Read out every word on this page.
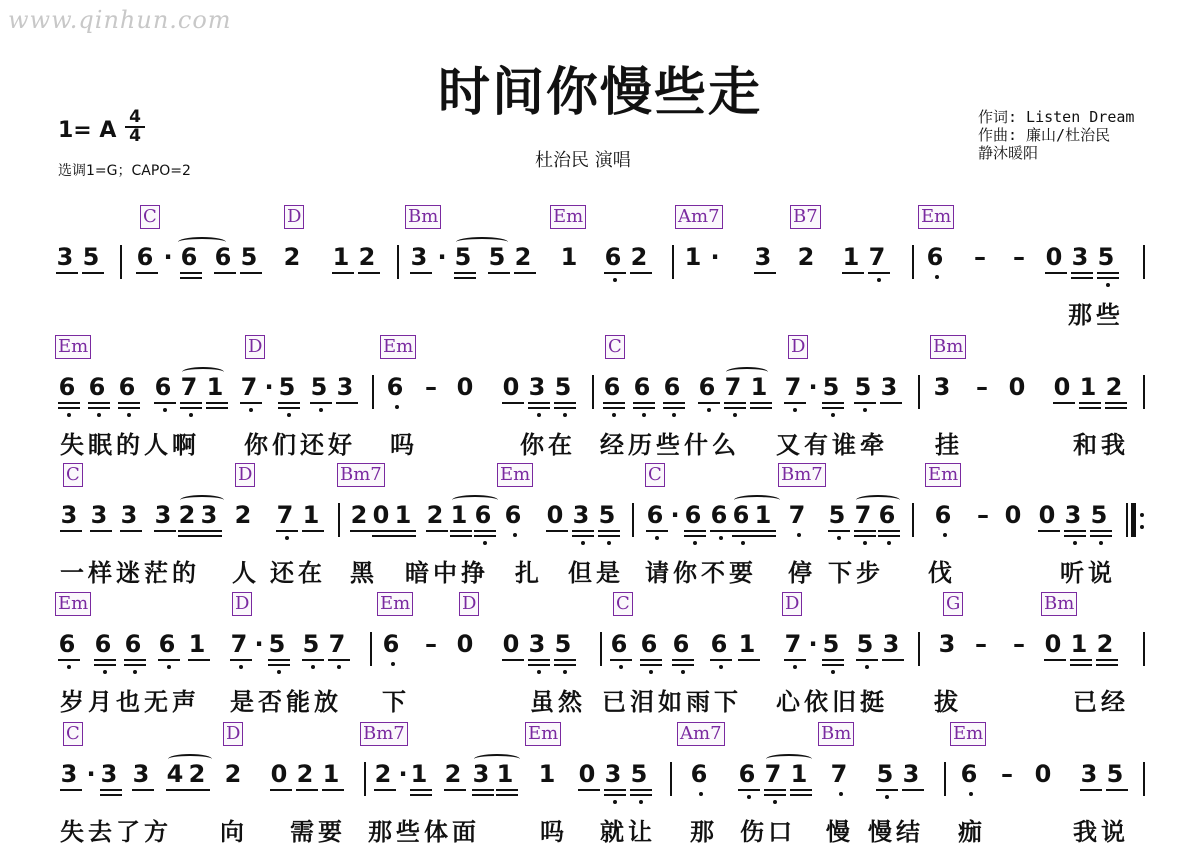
www.qinhun.com
时间你慢些走
1= A
4
4
选调1=G；CAPO=2	杜治民 演唱
作词: Listen Dream
作曲: 廉山/杜治民
静沐暖阳
C	D	Bm	Em	Am7	B7	Em
3 5 6 · 6 6 5 2 1 2 3 · 5 5 2 1 6 2 1 · 3 2 1 7 6 – – 0 3 5
那些
Em	D	Em	C	D	Bm
6 6 6 6 7 1 7 · 5 5 3 6 – 0 0 3 5 6 6 6 6 7 1 7 · 5 5 3 3 – 0 0 1 2
失眠的人啊 你们还好 吗	你在 经历些什么 又有谁牵 挂	和我
C	D	Bm7	Em	C	Bm7	Em
3 3 3 3 2 3 2 7 1 2 0 1 2 1 6 6 0 3 5 6 · 6 6 6 1 7 5 7 6 6 – 0 0 3 5
一样迷茫的 人 还在 黑 暗中挣 扎 但是 请你不要 停 下步 伐	听说
Em	D	Em	D	C	D	G	Bm
6 6 6 6 1 7 · 5 5 7 6 – 0 0 3 5 6 6 6 6 1 7 · 5 5 3 3 – – 0 1 2
岁月也无声 是否能放 下	虽然 已泪如雨下 心依旧挺 拔	已经
C	D	Bm7	Em	Am7	Bm	Em
3 · 3 3 4 2 2 0 2 1 2 · 1 2 3 1 1 0 3 5 6 6 7 1 7 5 3 6 – 0 3 5
失去了方 向 需要 那些体面	吗 就让 那 伤口 慢 慢结 痂	我说
